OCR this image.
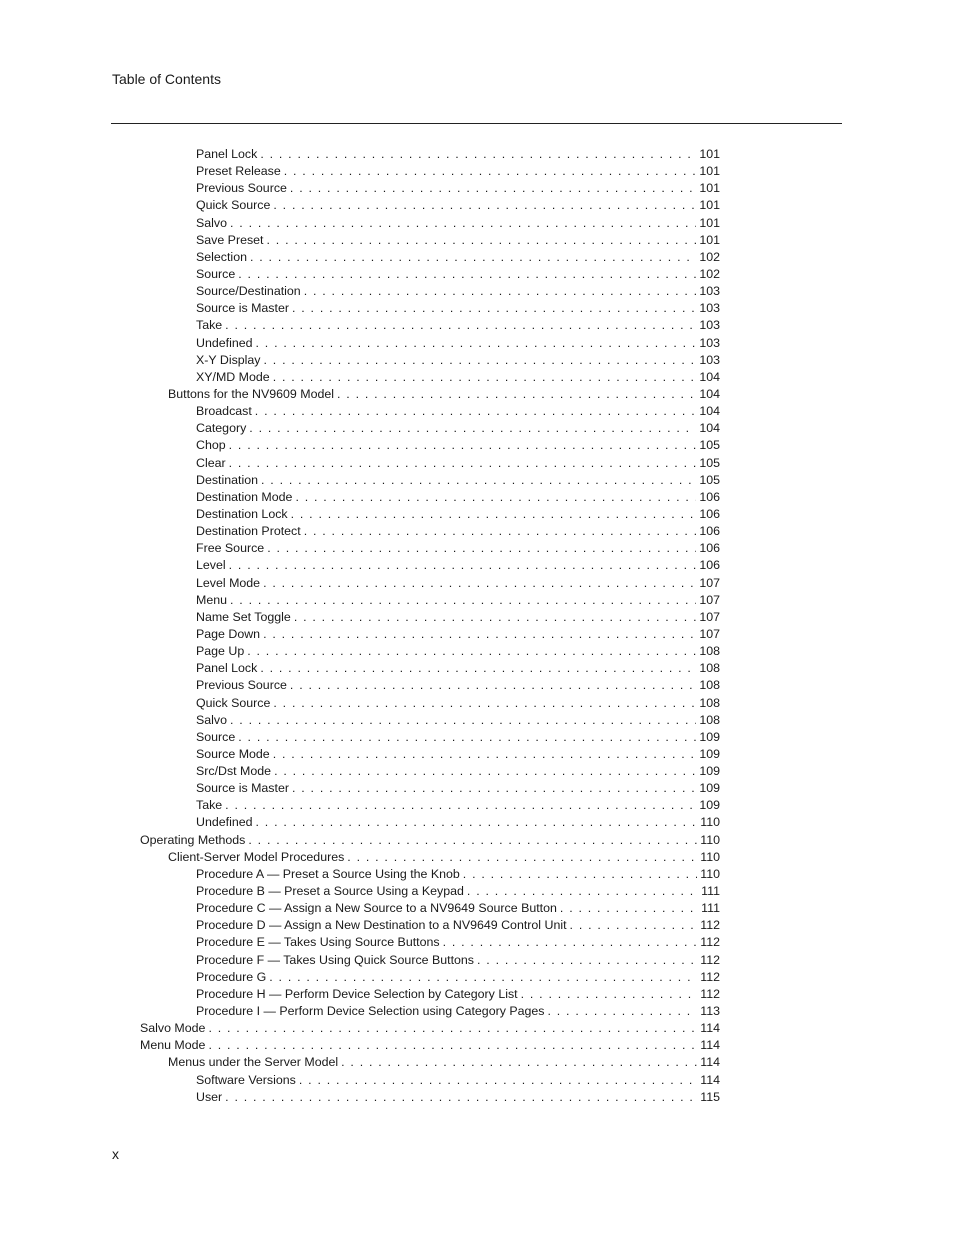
Table of Contents
Panel Lock . . .	101
Preset Release . . .	101
Previous Source . . .	101
Quick Source . . .	101
Salvo . . .	101
Save Preset . . .	101
Selection . . .	102
Source . . .	102
Source/Destination . . .	103
Source is Master . . .	103
Take . . .	103
Undefined . . .	103
X-Y Display . . .	103
XY/MD Mode . . .	104
Buttons for the NV9609 Model . . .	104
Broadcast . . .	104
Category . . .	104
Chop . . .	105
Clear . . .	105
Destination . . .	105
Destination Mode . . .	106
Destination Lock . . .	106
Destination Protect . . .	106
Free Source . . .	106
Level . . .	106
Level Mode . . .	107
Menu . . .	107
Name Set Toggle . . .	107
Page Down . . .	107
Page Up . . .	108
Panel Lock . . .	108
Previous Source . . .	108
Quick Source . . .	108
Salvo . . .	108
Source . . .	109
Source Mode . . .	109
Src/Dst Mode . . .	109
Source is Master . . .	109
Take . . .	109
Undefined . . .	110
Operating Methods . . .	110
Client-Server Model Procedures . . .	110
Procedure A — Preset a Source Using the Knob . . .	110
Procedure B — Preset a Source Using a Keypad . . .	111
Procedure C — Assign a New Source to a NV9649 Source Button . . .	111
Procedure D — Assign a New Destination to a NV9649 Control Unit . . .	112
Procedure E — Takes Using Source Buttons . . .	112
Procedure F — Takes Using Quick Source Buttons . . .	112
Procedure G . . .	112
Procedure H — Perform Device Selection by Category List . . .	112
Procedure I — Perform Device Selection using Category Pages . . .	113
Salvo Mode . . .	114
Menu Mode . . .	114
Menus under the Server Model . . .	114
Software Versions . . .	114
User . . .	115
x
